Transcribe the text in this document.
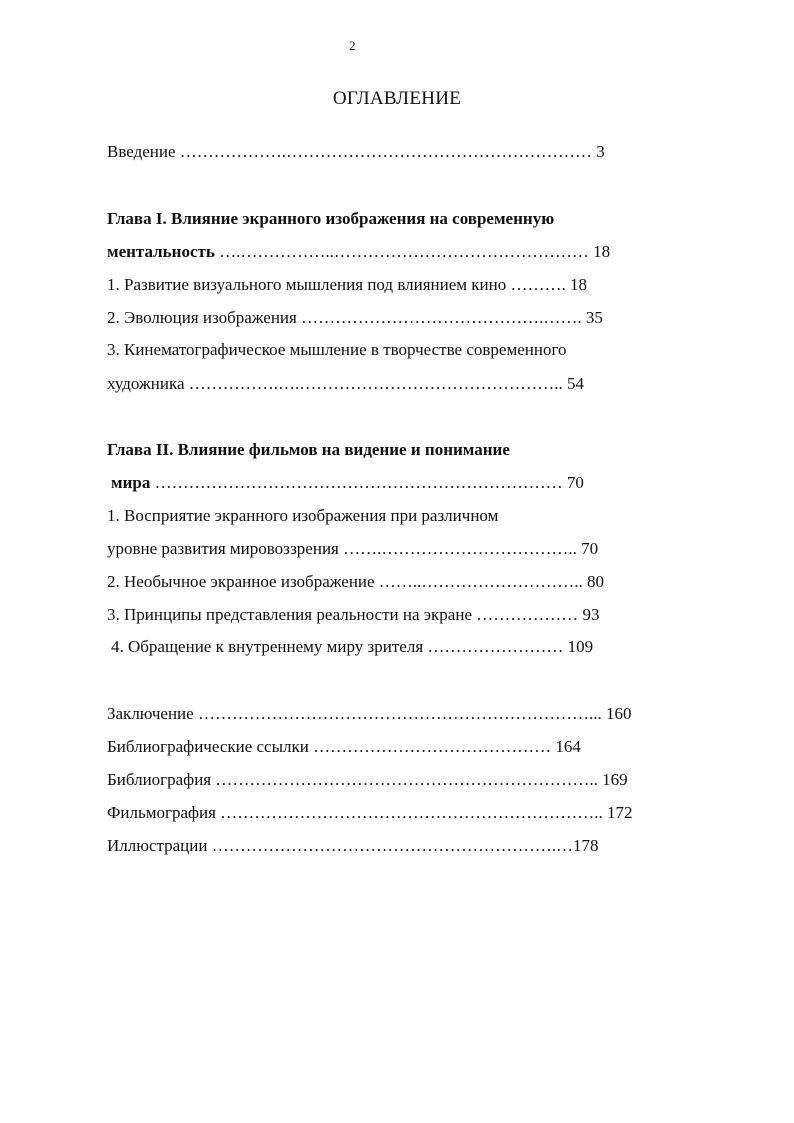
2
ОГЛАВЛЕНИЕ
Введение ……………….……………………………………………… 3
Глава I. Влияние экранного изображения на современную
ментальность ….……………..……………………………………… 18
1. Развитие визуального мышления под влиянием кино ………. 18
2. Эволюция изображения …………………………………….……. 35
3. Кинематографическое мышление в творчестве современного
художника …………….….……………………………………….. 54
Глава II. Влияние фильмов на видение и понимание
мира ……………………………………………………………… 70
1. Восприятие экранного изображения при различном
уровне развития мировоззрения …….…………………………….. 70
2. Необычное экранное изображение ……..……………………….. 80
3. Принципы представления реальности на экране ……………… 93
4. Обращение к внутреннему миру зрителя …………………… 109
Заключение ……………………………………………………………... 160
Библиографические ссылки …………………………………… 164
Библиография ………………………………………………………….. 169
Фильмография ………………………………………………………….. 172
Иллюстрации …………………………………………………….…178
